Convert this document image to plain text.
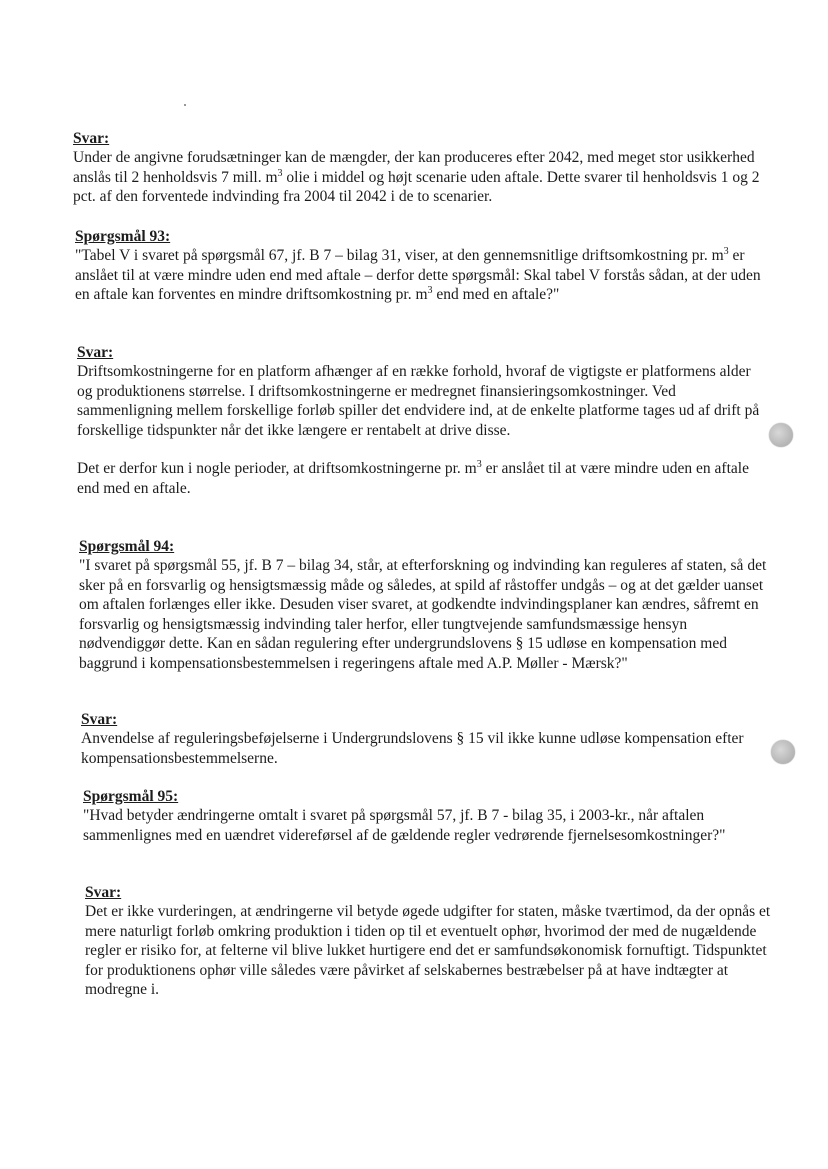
Svar:

Under de angivne forudsætninger kan de mængder, der kan produceres efter 2042, med meget stor usikkerhed anslås til 2 henholdsvis 7 mill. $m^3$ olie i middel og højt scenarie uden aftale. Dette svarer til henholdsvis 1 og 2 pct. af den forventede indvinding fra 2004 til 2042 i de to scenarier.

Spørgsmål 93:

"Tabel V i svaret på spørgsmål 67, jf. B 7 – bilag 31, viser, at den gennemsnitlige driftsomkostning pr. $m^3$ er anslået til at være mindre uden end med aftale – derfor dette spørgsmål: Skal tabel V forstås sådan, at der uden en aftale kan forventes en mindre driftsomkostning pr. $m^3$ end med en aftale?"

Svar:

Driftsomkostningerne for en platform afhænger af en række forhold, hvoraf de vigtigste er platformens alder og produktionens størrelse. I driftsomkostningerne er medregnet finansieringsomkostninger. Ved sammenligning mellem forskellige forløb spiller det endvidere ind, at de enkelte platforme tages ud af drift på forskellige tidspunkter når det ikke længere er rentabelt at drive disse.

Det er derfor kun i nogle perioder, at driftsomkostningerne pr. $m^3$ er anslået til at være mindre uden en aftale end med en aftale.

Spørgsmål 94:

"I svaret på spørgsmål 55, jf. B 7 – bilag 34, står, at efterforskning og indvinding kan reguleres af staten, så det sker på en forsvarlig og hensigtsmæssig måde og således, at spild af råstoffer undgås – og at det gælder uanset om aftalen forlænges eller ikke. Desuden viser svaret, at godkendte indvindingsplaner kan ændres, såfremt en forsvarlig og hensigtsmæssig indvinding taler herfor, eller tungtvejende samfundsmæssige hensyn nødvendiggør dette. Kan en sådan regulering efter undergrundslovens § 15 udløse en kompensation med baggrund i kompensationsbestemmelsen i regeringens aftale med A.P. Møller - Mærsk?"

Svar:

Anvendelse af reguleringsbeføjelserne i Undergrundslovens § 15 vil ikke kunne udløse kompensation efter kompensationsbestemmelserne.

Spørgsmål 95:

"Hvad betyder ændringerne omtalt i svaret på spørgsmål 57, jf. B 7 - bilag 35, i 2003-kr., når aftalen sammenlignes med en uændret videreførsel af de gældende regler vedrørende fjernelsesomkostninger?"

Svar:

Det er ikke vurderingen, at ændringerne vil betyde øgede udgifter for staten, måske tværtimod, da der opnås et mere naturligt forløb omkring produktion i tiden op til et eventuelt ophør, hvorimod der med de nugældende regler er risiko for, at felterne vil blive lukket hurtigere end det er samfundsøkonomisk fornuftigt. Tidspunktet for produktionens ophør ville således være påvirket af selskabernes bestræbelser på at have indtægter at modregne i.
